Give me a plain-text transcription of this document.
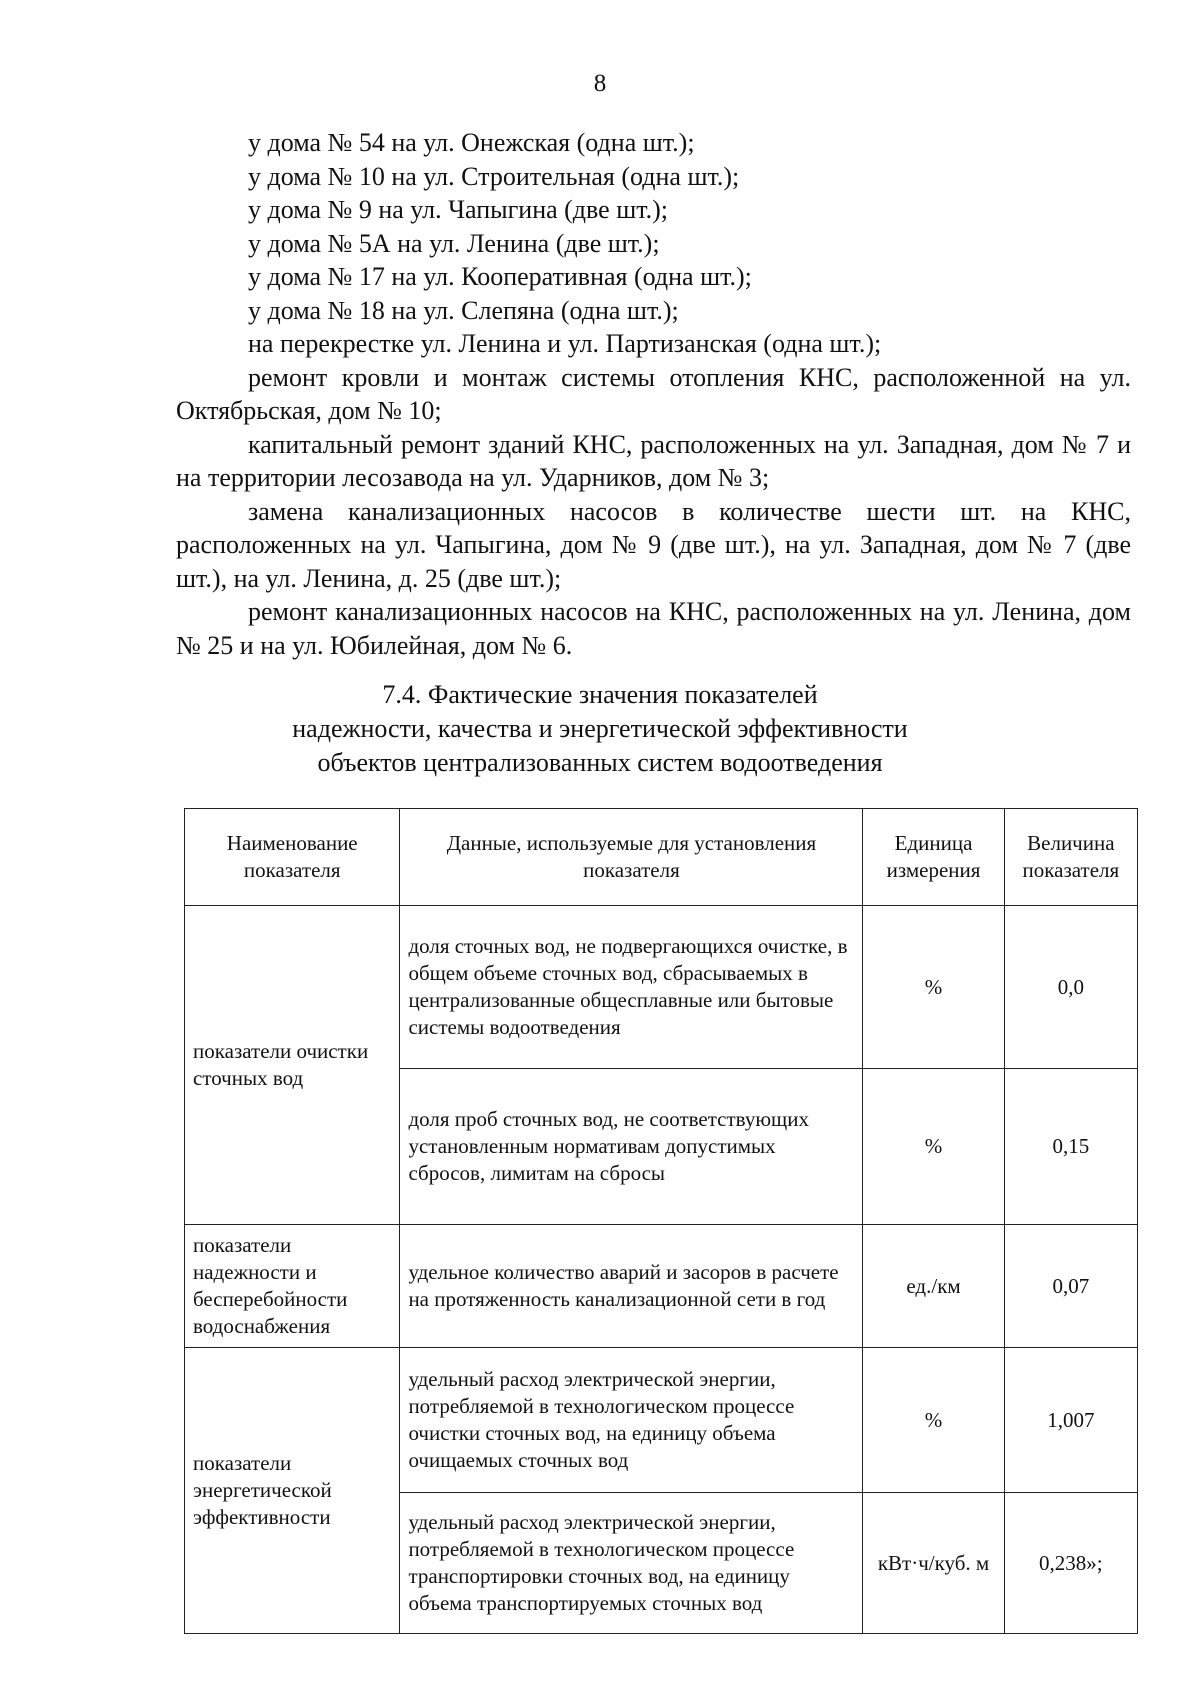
8

у дома № 54 на ул. Онежская (одна шт.);

у дома № 10 на ул. Строительная (одна шт.);

у дома № 9 на ул. Чапыгина (две шт.);

у дома № 5А на ул. Ленина (две шт.);

у дома № 17 на ул. Кооперативная (одна шт.);

у дома № 18 на ул. Слепяна (одна шт.);

на перекрестке ул. Ленина и ул. Партизанская (одна шт.);

ремонт кровли и монтаж системы отопления КНС, расположенной на ул. Октябрьская, дом № 10;

капитальный ремонт зданий КНС, расположенных на ул. Западная, дом № 7 и на территории лесозавода на ул. Ударников, дом № 3;

замена канализационных насосов в количестве шести шт. на КНС, расположенных на ул. Чапыгина, дом № 9 (две шт.), на ул. Западная, дом № 7 (две шт.), на ул. Ленина, д. 25 (две шт.);

ремонт канализационных насосов на КНС, расположенных на ул. Ленина, дом № 25 и на ул. Юбилейная, дом № 6.

7.4. Фактические значения показателей
надежности, качества и энергетической эффективности
объектов централизованных систем водоотведения
Наименование показателя	Данные, используемые для установления показателя	Единица измерения	Величина показателя
показатели очистки сточных вод	доля сточных вод, не подвергающихся очистке, в общем объеме сточных вод, сбрасываемых в централизованные общесплавные или бытовые системы водоотведения	%	0,0
	доля проб сточных вод, не соответствующих установленным нормативам допустимых сбросов, лимитам на сбросы	%	0,15
показатели надежности и бесперебойности водоснабжения	удельное количество аварий и засоров в расчете на протяженность канализационной сети в год	ед./км	0,07
показатели энергетической эффективности	удельный расход электрической энергии, потребляемой в технологическом процессе очистки сточных вод, на единицу объема очищаемых сточных вод	%	1,007
	удельный расход электрической энергии, потребляемой в технологическом процессе транспортировки сточных вод, на единицу объема транспортируемых сточных вод	кВт·ч/куб. м	0,238»;
